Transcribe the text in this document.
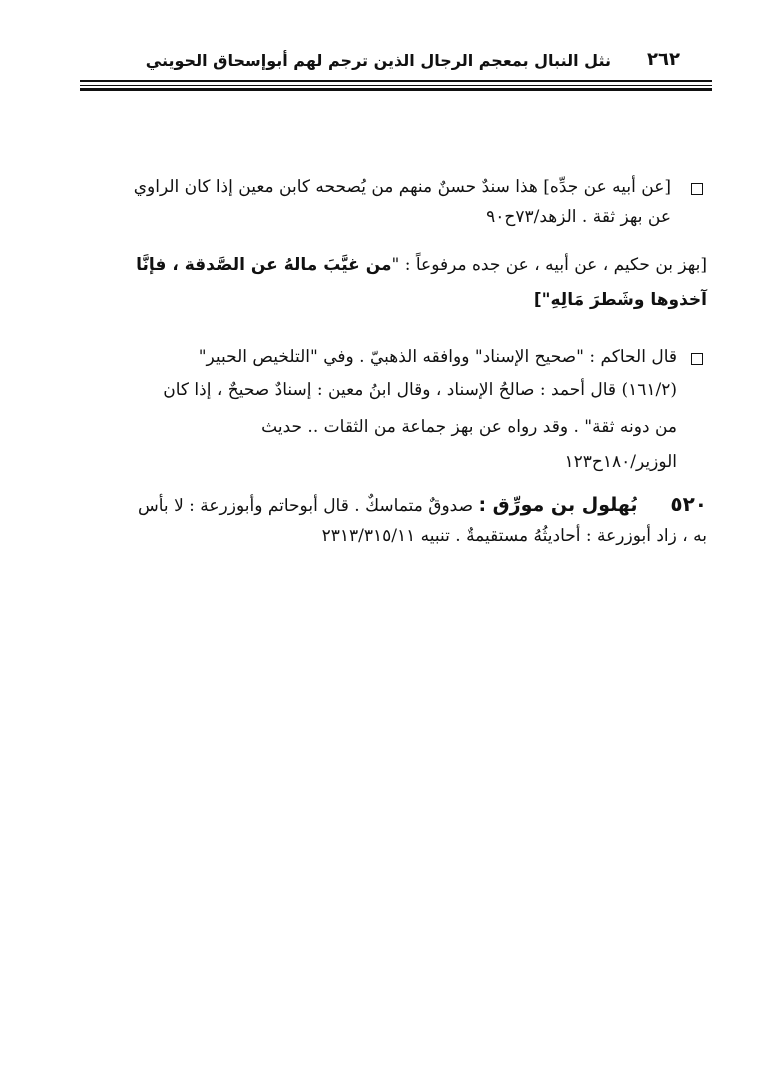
٢٦٢
نثل النبال بمعجم الرجال الذين ترجم لهم أبوإسحاق الحويني
[عن أبيه عن جدِّه] هذا سندٌ حسنٌ منهم من يُصححه كابن معين إذا كان الراوي
عن بهز ثقة . الزهد/٧٣ح٩٠
[بهز بن حكيم ، عن أبيه ، عن جده مرفوعاً : "من غيَّبَ مالهُ عن الصَّدقة ، فإنَّا
آخذوها وشَطرَ مَالِهِ"]
قال الحاكم : "صحيح الإسناد" ووافقه الذهبيّ . وفي "التلخيص الحبير"
(١٦١/٢) قال أحمد : صالحُ الإسناد ، وقال ابنُ معين : إسنادٌ صحيحٌ ، إذا كان
من دونه ثقة" . وقد رواه عن بهز جماعة من الثقات .. حديث
الوزير/١٨٠ح١٢٣
٥٢٠  بُهلول بن مورِّق : صدوقٌ متماسكٌ . قال أبوحاتم وأبوزرعة : لا بأس
به ، زاد أبوزرعة : أحاديثُهُ مستقيمةٌ . تنبيه ٢٣١٣/٣١٥/١١
